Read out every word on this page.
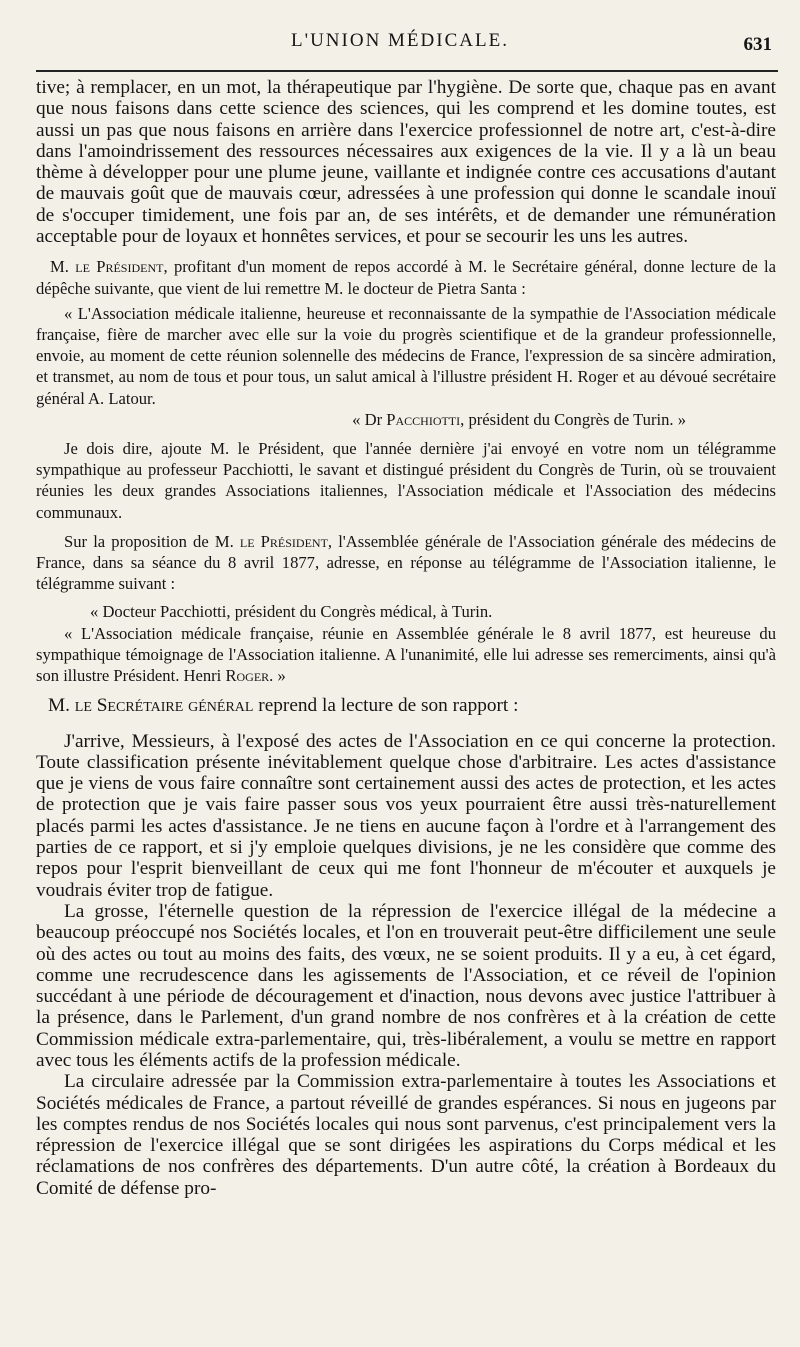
L'UNION MÉDICALE.	631

tive; à remplacer, en un mot, la thérapeutique par l'hygiène. De sorte que, chaque pas en avant que nous faisons dans cette science des sciences, qui les comprend et les domine toutes, est aussi un pas que nous faisons en arrière dans l'exercice professionnel de notre art, c'est-à-dire dans l'amoindrissement des ressources nécessaires aux exigences de la vie. Il y a là un beau thème à développer pour une plume jeune, vaillante et indignée contre ces accusations d'autant de mauvais goût que de mauvais cœur, adressées à une profession qui donne le scandale inouï de s'occuper timidement, une fois par an, de ses intérêts, et de demander une rémunération acceptable pour de loyaux et honnêtes services, et pour se secourir les uns les autres.

M. le Président, profitant d'un moment de repos accordé à M. le Secrétaire général, donne lecture de la dépêche suivante, que vient de lui remettre M. le docteur de Pietra Santa :

« L'Association médicale italienne, heureuse et reconnaissante de la sympathie de l'Association médicale française, fière de marcher avec elle sur la voie du progrès scientifique et de la grandeur professionnelle, envoie, au moment de cette réunion solennelle des médecins de France, l'expression de sa sincère admiration, et transmet, au nom de tous et pour tous, un salut amical à l'illustre président H. Roger et au dévoué secrétaire général A. Latour.

« Dr Pacchiotti, président du Congrès de Turin. »

Je dois dire, ajoute M. le Président, que l'année dernière j'ai envoyé en votre nom un télégramme sympathique au professeur Pacchiotti, le savant et distingué président du Congrès de Turin, où se trouvaient réunies les deux grandes Associations italiennes, l'Association médicale et l'Association des médecins communaux.

Sur la proposition de M. le Président, l'Assemblée générale de l'Association générale des médecins de France, dans sa séance du 8 avril 1877, adresse, en réponse au télégramme de l'Association italienne, le télégramme suivant :

« Docteur Pacchiotti, président du Congrès médical, à Turin.

« L'Association médicale française, réunie en Assemblée générale le 8 avril 1877, est heureuse du sympathique témoignage de l'Association italienne. A l'unanimité, elle lui adresse ses remerciments, ainsi qu'à son illustre Président. Henri Roger. »

M. le Secrétaire général reprend la lecture de son rapport :

J'arrive, Messieurs, à l'exposé des actes de l'Association en ce qui concerne la protection. Toute classification présente inévitablement quelque chose d'arbitraire. Les actes d'assistance que je viens de vous faire connaître sont certainement aussi des actes de protection, et les actes de protection que je vais faire passer sous vos yeux pourraient être aussi très-naturellement placés parmi les actes d'assistance. Je ne tiens en aucune façon à l'ordre et à l'arrangement des parties de ce rapport, et si j'y emploie quelques divisions, je ne les considère que comme des repos pour l'esprit bienveillant de ceux qui me font l'honneur de m'écouter et auxquels je voudrais éviter trop de fatigue.

La grosse, l'éternelle question de la répression de l'exercice illégal de la médecine a beaucoup préoccupé nos Sociétés locales, et l'on en trouverait peut-être difficilement une seule où des actes ou tout au moins des faits, des vœux, ne se soient produits. Il y a eu, à cet égard, comme une recrudescence dans les agissements de l'Association, et ce réveil de l'opinion succédant à une période de découragement et d'inaction, nous devons avec justice l'attribuer à la présence, dans le Parlement, d'un grand nombre de nos confrères et à la création de cette Commission médicale extra-parlementaire, qui, très-libéralement, a voulu se mettre en rapport avec tous les éléments actifs de la profession médicale.

La circulaire adressée par la Commission extra-parlementaire à toutes les Associations et Sociétés médicales de France, a partout réveillé de grandes espérances. Si nous en jugeons par les comptes rendus de nos Sociétés locales qui nous sont parvenus, c'est principalement vers la répression de l'exercice illégal que se sont dirigées les aspirations du Corps médical et les réclamations de nos confrères des départements. D'un autre côté, la création à Bordeaux du Comité de défense pro-
